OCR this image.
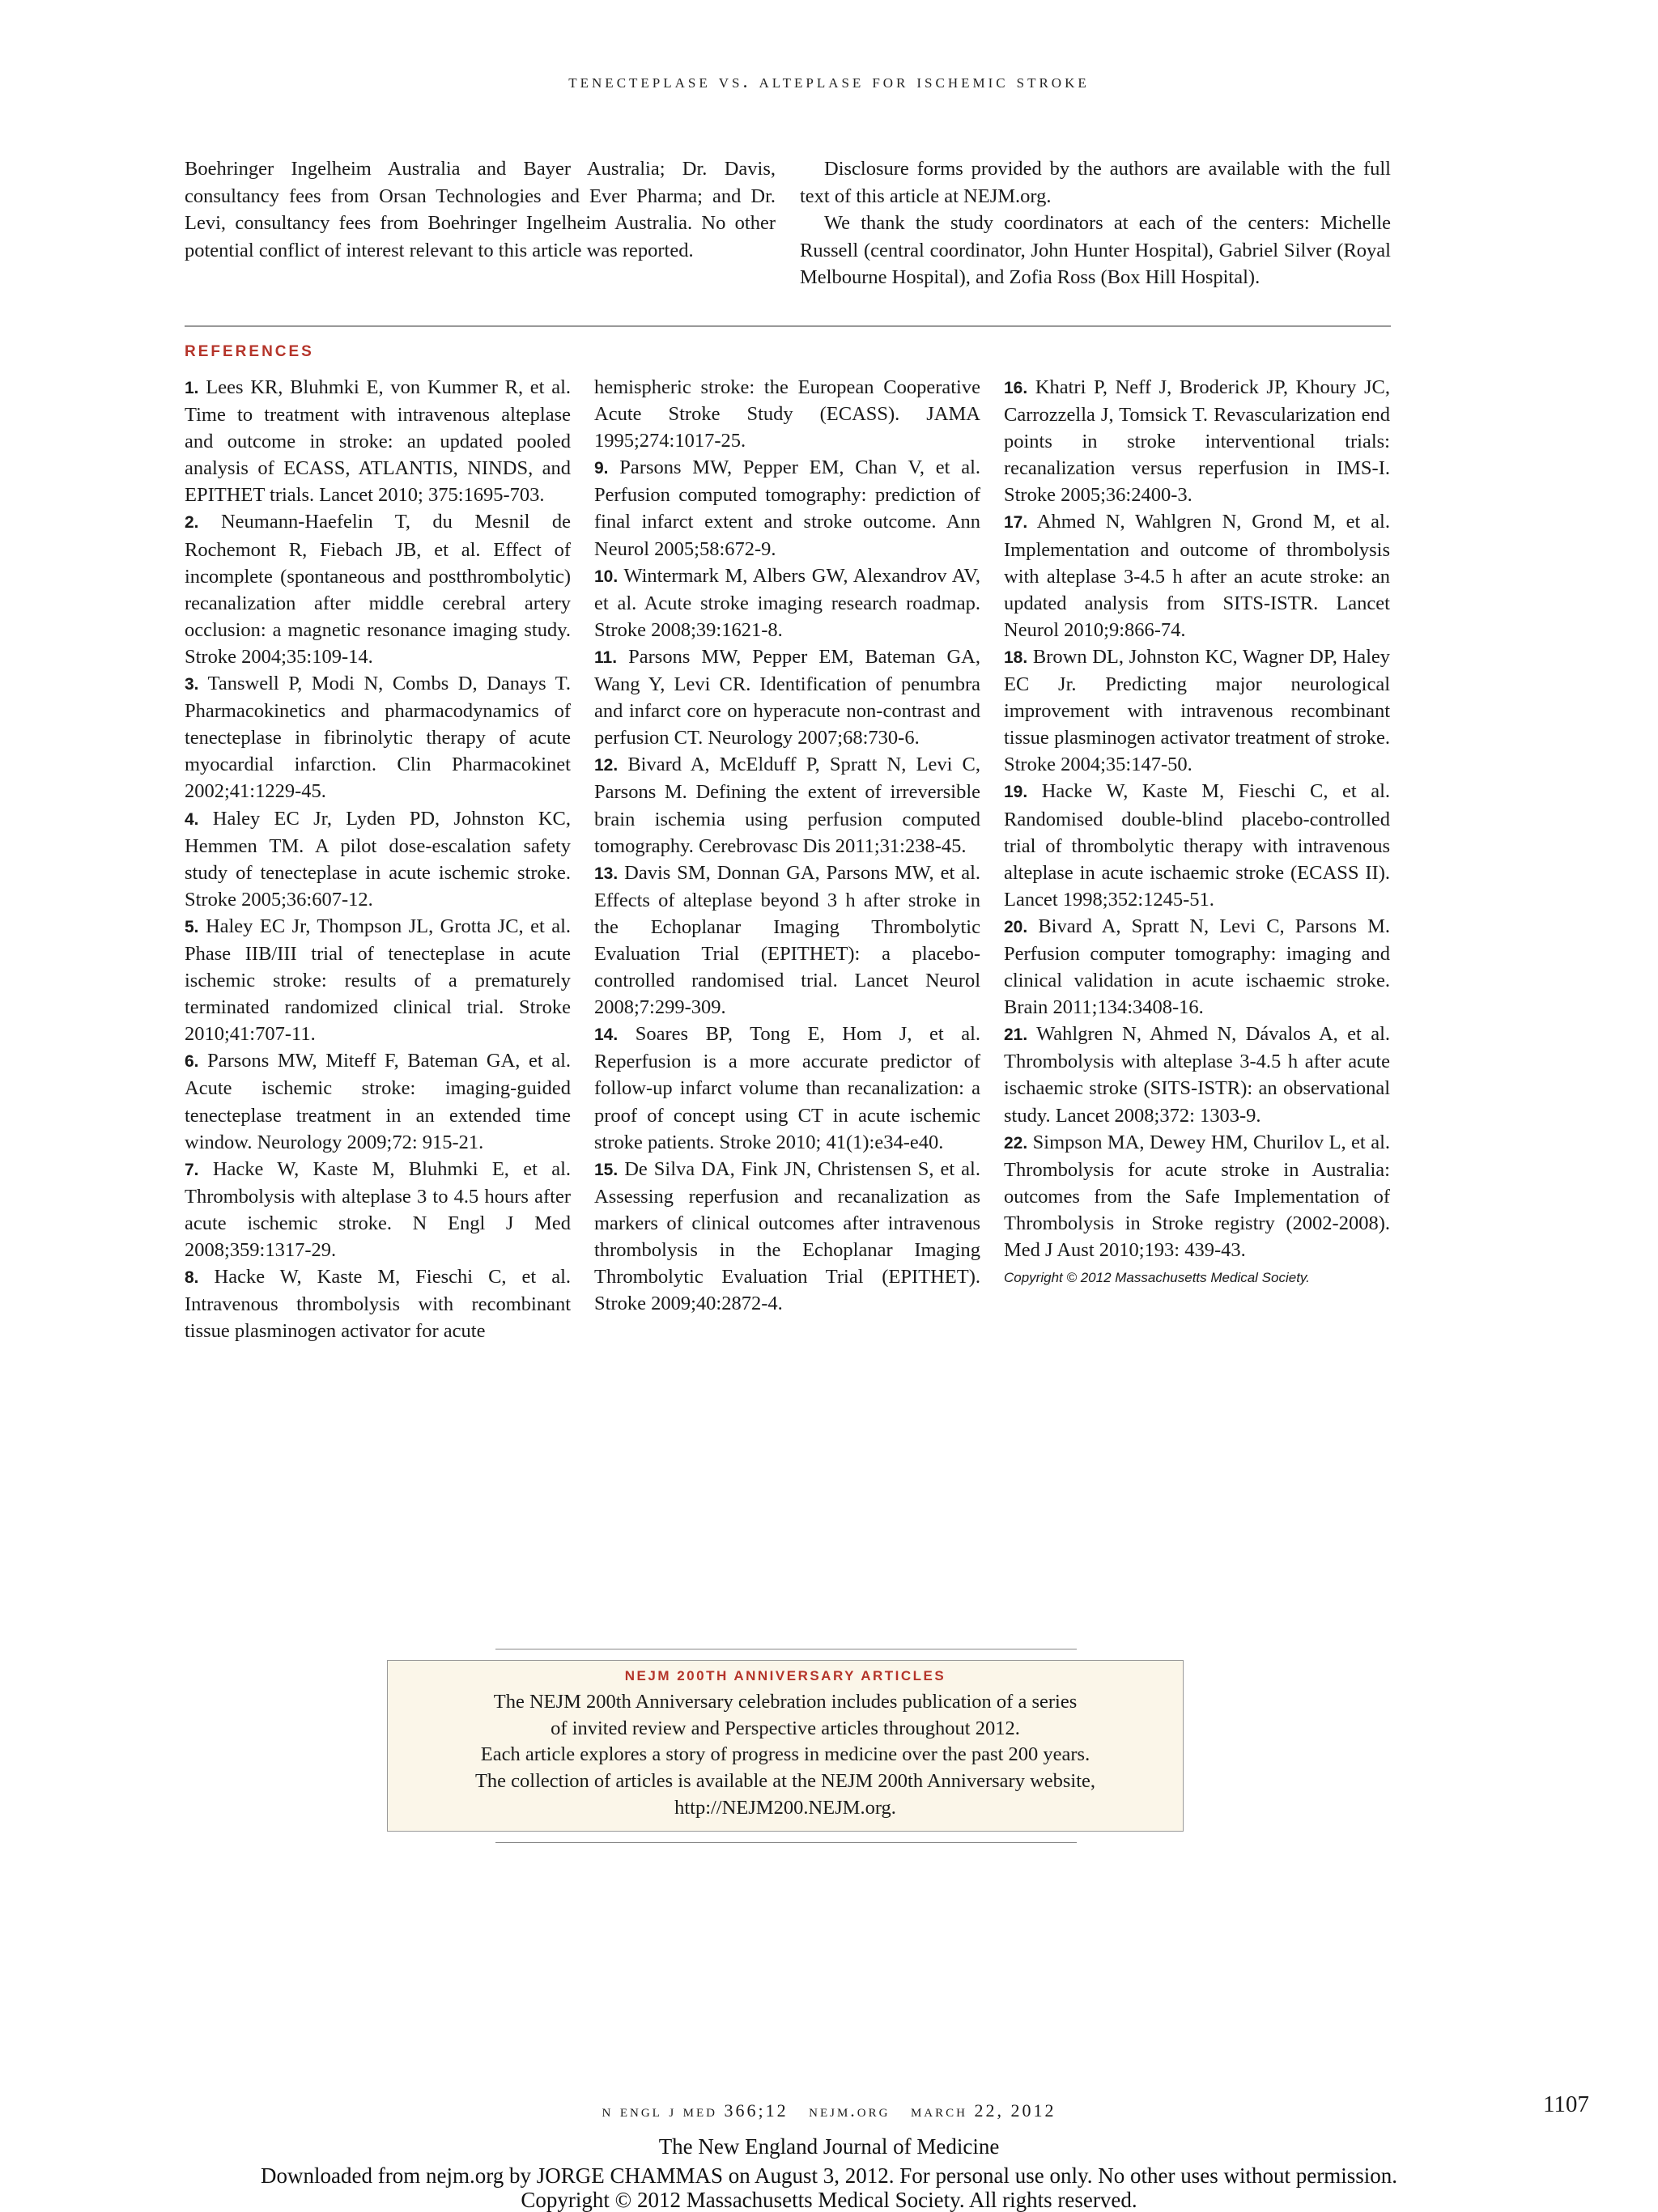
tenecteplase vs. alteplase for ischemic stroke

Boehringer Ingelheim Australia and Bayer Australia; Dr. Davis, consultancy fees from Orsan Technologies and Ever Pharma; and Dr. Levi, consultancy fees from Boehringer Ingelheim Australia. No other potential conflict of interest relevant to this article was reported.

Disclosure forms provided by the authors are available with the full text of this article at NEJM.org.

We thank the study coordinators at each of the centers: Michelle Russell (central coordinator, John Hunter Hospital), Gabriel Silver (Royal Melbourne Hospital), and Zofia Ross (Box Hill Hospital).

REFERENCES

1. Lees KR, Bluhmki E, von Kummer R, et al. Time to treatment with intravenous alteplase and outcome in stroke: an updated pooled analysis of ECASS, ATLANTIS, NINDS, and EPITHET trials. Lancet 2010; 375:1695-703.

2. Neumann-Haefelin T, du Mesnil de Rochemont R, Fiebach JB, et al. Effect of incomplete (spontaneous and postthrombolytic) recanalization after middle cerebral artery occlusion: a magnetic resonance imaging study. Stroke 2004;35:109-14.

3. Tanswell P, Modi N, Combs D, Danays T. Pharmacokinetics and pharmacodynamics of tenecteplase in fibrinolytic therapy of acute myocardial infarction. Clin Pharmacokinet 2002;41:1229-45.

4. Haley EC Jr, Lyden PD, Johnston KC, Hemmen TM. A pilot dose-escalation safety study of tenecteplase in acute ischemic stroke. Stroke 2005;36:607-12.

5. Haley EC Jr, Thompson JL, Grotta JC, et al. Phase IIB/III trial of tenecteplase in acute ischemic stroke: results of a prematurely terminated randomized clinical trial. Stroke 2010;41:707-11.

6. Parsons MW, Miteff F, Bateman GA, et al. Acute ischemic stroke: imaging-guided tenecteplase treatment in an extended time window. Neurology 2009;72: 915-21.

7. Hacke W, Kaste M, Bluhmki E, et al. Thrombolysis with alteplase 3 to 4.5 hours after acute ischemic stroke. N Engl J Med 2008;359:1317-29.

8. Hacke W, Kaste M, Fieschi C, et al. Intravenous thrombolysis with recombinant tissue plasminogen activator for acute

hemispheric stroke: the European Cooperative Acute Stroke Study (ECASS). JAMA 1995;274:1017-25.

9. Parsons MW, Pepper EM, Chan V, et al. Perfusion computed tomography: prediction of final infarct extent and stroke outcome. Ann Neurol 2005;58:672-9.

10. Wintermark M, Albers GW, Alexandrov AV, et al. Acute stroke imaging research roadmap. Stroke 2008;39:1621-8.

11. Parsons MW, Pepper EM, Bateman GA, Wang Y, Levi CR. Identification of penumbra and infarct core on hyperacute non-contrast and perfusion CT. Neurology 2007;68:730-6.

12. Bivard A, McElduff P, Spratt N, Levi C, Parsons M. Defining the extent of irreversible brain ischemia using perfusion computed tomography. Cerebrovasc Dis 2011;31:238-45.

13. Davis SM, Donnan GA, Parsons MW, et al. Effects of alteplase beyond 3 h after stroke in the Echoplanar Imaging Thrombolytic Evaluation Trial (EPITHET): a placebo-controlled randomised trial. Lancet Neurol 2008;7:299-309.

14. Soares BP, Tong E, Hom J, et al. Reperfusion is a more accurate predictor of follow-up infarct volume than recanalization: a proof of concept using CT in acute ischemic stroke patients. Stroke 2010; 41(1):e34-e40.

15. De Silva DA, Fink JN, Christensen S, et al. Assessing reperfusion and recanalization as markers of clinical outcomes after intravenous thrombolysis in the Echoplanar Imaging Thrombolytic Evaluation Trial (EPITHET). Stroke 2009;40:2872-4.

16. Khatri P, Neff J, Broderick JP, Khoury JC, Carrozzella J, Tomsick T. Revascularization end points in stroke interventional trials: recanalization versus reperfusion in IMS-I. Stroke 2005;36:2400-3.

17. Ahmed N, Wahlgren N, Grond M, et al. Implementation and outcome of thrombolysis with alteplase 3-4.5 h after an acute stroke: an updated analysis from SITS-ISTR. Lancet Neurol 2010;9:866-74.

18. Brown DL, Johnston KC, Wagner DP, Haley EC Jr. Predicting major neurological improvement with intravenous recombinant tissue plasminogen activator treatment of stroke. Stroke 2004;35:147-50.

19. Hacke W, Kaste M, Fieschi C, et al. Randomised double-blind placebo-controlled trial of thrombolytic therapy with intravenous alteplase in acute ischaemic stroke (ECASS II). Lancet 1998;352:1245-51.

20. Bivard A, Spratt N, Levi C, Parsons M. Perfusion computer tomography: imaging and clinical validation in acute ischaemic stroke. Brain 2011;134:3408-16.

21. Wahlgren N, Ahmed N, Dávalos A, et al. Thrombolysis with alteplase 3-4.5 h after acute ischaemic stroke (SITS-ISTR): an observational study. Lancet 2008;372: 1303-9.

22. Simpson MA, Dewey HM, Churilov L, et al. Thrombolysis for acute stroke in Australia: outcomes from the Safe Implementation of Thrombolysis in Stroke registry (2002-2008). Med J Aust 2010;193: 439-43.

Copyright © 2012 Massachusetts Medical Society.
NEJM 200TH ANNIVERSARY ARTICLES
The NEJM 200th Anniversary celebration includes publication of a series
of invited review and Perspective articles throughout 2012.
Each article explores a story of progress in medicine over the past 200 years.
The collection of articles is available at the NEJM 200th Anniversary website,
http://NEJM200.NEJM.org.
n engl j med 366;12   nejm.org   march 22, 2012	1107
The New England Journal of Medicine
Downloaded from nejm.org by JORGE CHAMMAS on August 3, 2012. For personal use only. No other uses without permission.
Copyright © 2012 Massachusetts Medical Society. All rights reserved.
